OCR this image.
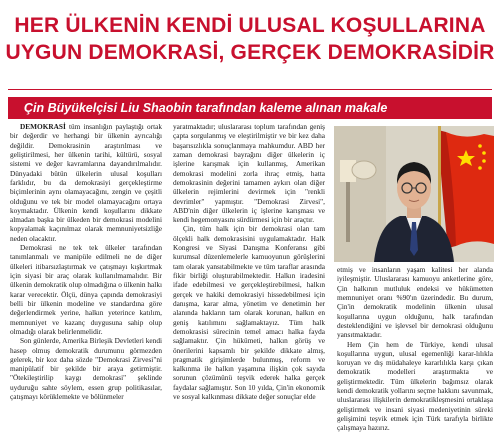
HER ÜLKENİN KENDİ ULUSAL KOŞULLARINA
UYGUN DEMOKRASİ, GERÇEK DEMOKRASİDİR
Çin Büyükelçisi Liu Shaobin tarafından kaleme alınan makale

DEMOKRASİ tüm insanlığın paylaştığı ortak bir değerdir ve herhangi bir ülkenin ayrıcalığı değildir. Demokrasinin araştırılması ve geliştirilmesi, her ülkenin tarihi, kültürü, sosyal sistemi ve değer kavramlarına dayandırılmalıdır. Dünyadaki bütün ülkelerin ulusal koşulları farklıdır, bu da demokrasiyi gerçekleştirme biçimlerinin aynı olamayacağını, zengin ve çeşitli olduğunu ve tek bir model olamayacağını ortaya koymaktadır. Ülkenin kendi koşullarını dikkate almadan başka bir ülkeden bir demokrasi modelini kopyalamak kaçınılmaz olarak memnuniyetsizliğe neden olacaktır.

Demokrasi ne tek tek ülkeler tarafından tanımlanmalı ve manipüle edilmeli ne de diğer ülkeleri itibarsızlaştırmak ve çatışmayı kışkırtmak için siyasi bir araç olarak kullanılmamalıdır. Bir ülkenin demokratik olup olmadığına o ülkenin halkı karar verecektir. Ölçü, dünya çapında demokrasiyi belli bir ülkenin modeline ve standardına göre değerlendirmek yerine, halkın yeterince katılım, memnuniyet ve kazanç duygusuna sahip olup olmadığı olarak belirlenmelidir.

Son günlerde, Amerika Birleşik Devletleri kendi hasep olmuş demokratik durumunu görmezden gelerek, bir koz daha sözde "Demokrasi Zirvesi"ni manipülatif bir şekilde bir araya getirmiştir. "Ötekileştirilip kaygı demokrasi" şeklinde uyduruğu sahte söylem, essen grup politikasılar, çatışmayı körüklemekte ve bölünmeler

yaratmaktadır; uluslararası toplum tarafından geniş çapta sorgulanmış ve eleştirilmiştir ve bir kez daha başarısızlıkla sonuçlanmaya mahkumdur. ABD her zaman demokrasi bayrağını diğer ülkelerin iç işlerine karışmak için kullanmış, Amerikan demokrasi modelini zorla ihraç etmiş, hatta demokrasinin değerini tamamen aykırı olan diğer ülkelerin rejimlerini devirmek için "renkli devrimler" yapmıştır. "Demokrasi Zirvesi", ABD'nin diğer ülkelerin iç işlerine karışması ve kendi hegemonyasını sürdürmesi için bir araçtır.

Çin, tüm halk için bir demokrasi olan tam ölçekli halk demokrasisini uygulamaktadır. Halk Kongresi ve Siyasi Danışma Konferansı gibi kurumsal düzenlemelerle kamuoyunun görüşlerini tam olarak yansıtabilmekte ve tüm taraflar arasında fikir birliği oluşturabilmektedir. Halkın iradesini ifade edebilmesi ve gerçekleştirebilmesi, halkın gerçek ve hakiki demokrasiyi hissedebilmesi için danışma, karar alma, yönetim ve denetimin her alanında hakların tam olarak korunan, halkın en geniş katılımını sağlamaktayız. Tüm halk demokrasisi sürecinin temel amacı halka fayda sağlamaktır. Çin hükümeti, halkın görüş ve önerilerini kapsamlı bir şekilde dikkate almış, pragmatik girişimlerde bulunmuş, reform ve kalkınma ile halkın yaşamına ilişkin çok sayıda sorunun çözümünü teşvik ederek halka gerçek faydalar sağlamıştır. Son 10 yılda, Çin'in ekonomik ve sosyal kalkınması dikkate değer sonuçlar elde

etmiş ve insanların yaşam kalitesi her alanda iyileşmiştir. Uluslararası kamuoyu anketlerine göre, Çin halkının mutluluk endeksi ve hükümetten memnuniyet oranı %90'ın üzerindedir. Bu durum, Çin'in demokratik modelinin ülkenin ulusal koşullarına uygun olduğunu, halk tarafından desteklendiğini ve işlevsel bir demokrasi olduğunu yansıtmaktadır.

Hem Çin hem de Türkiye, kendi ulusal koşullarına uygun, ulusal egemenliği karar-lılıkla koruyan ve dış müdahaleye kararlılıkla karşı çıkan demokratik modelleri araştırmakta ve geliştirmektedir. Tüm ülkelerin bağımsız olarak kendi demokratik yollarını seçme hakkını savunmak, uluslararası ilişkilerin demokratikleşmesini ortaklaşa geliştirmek ve insani siyasi medeniyetinin süreki gelişimini teşvik etmek için Türk tarafıyla birlikte çalışmaya hazırız.
